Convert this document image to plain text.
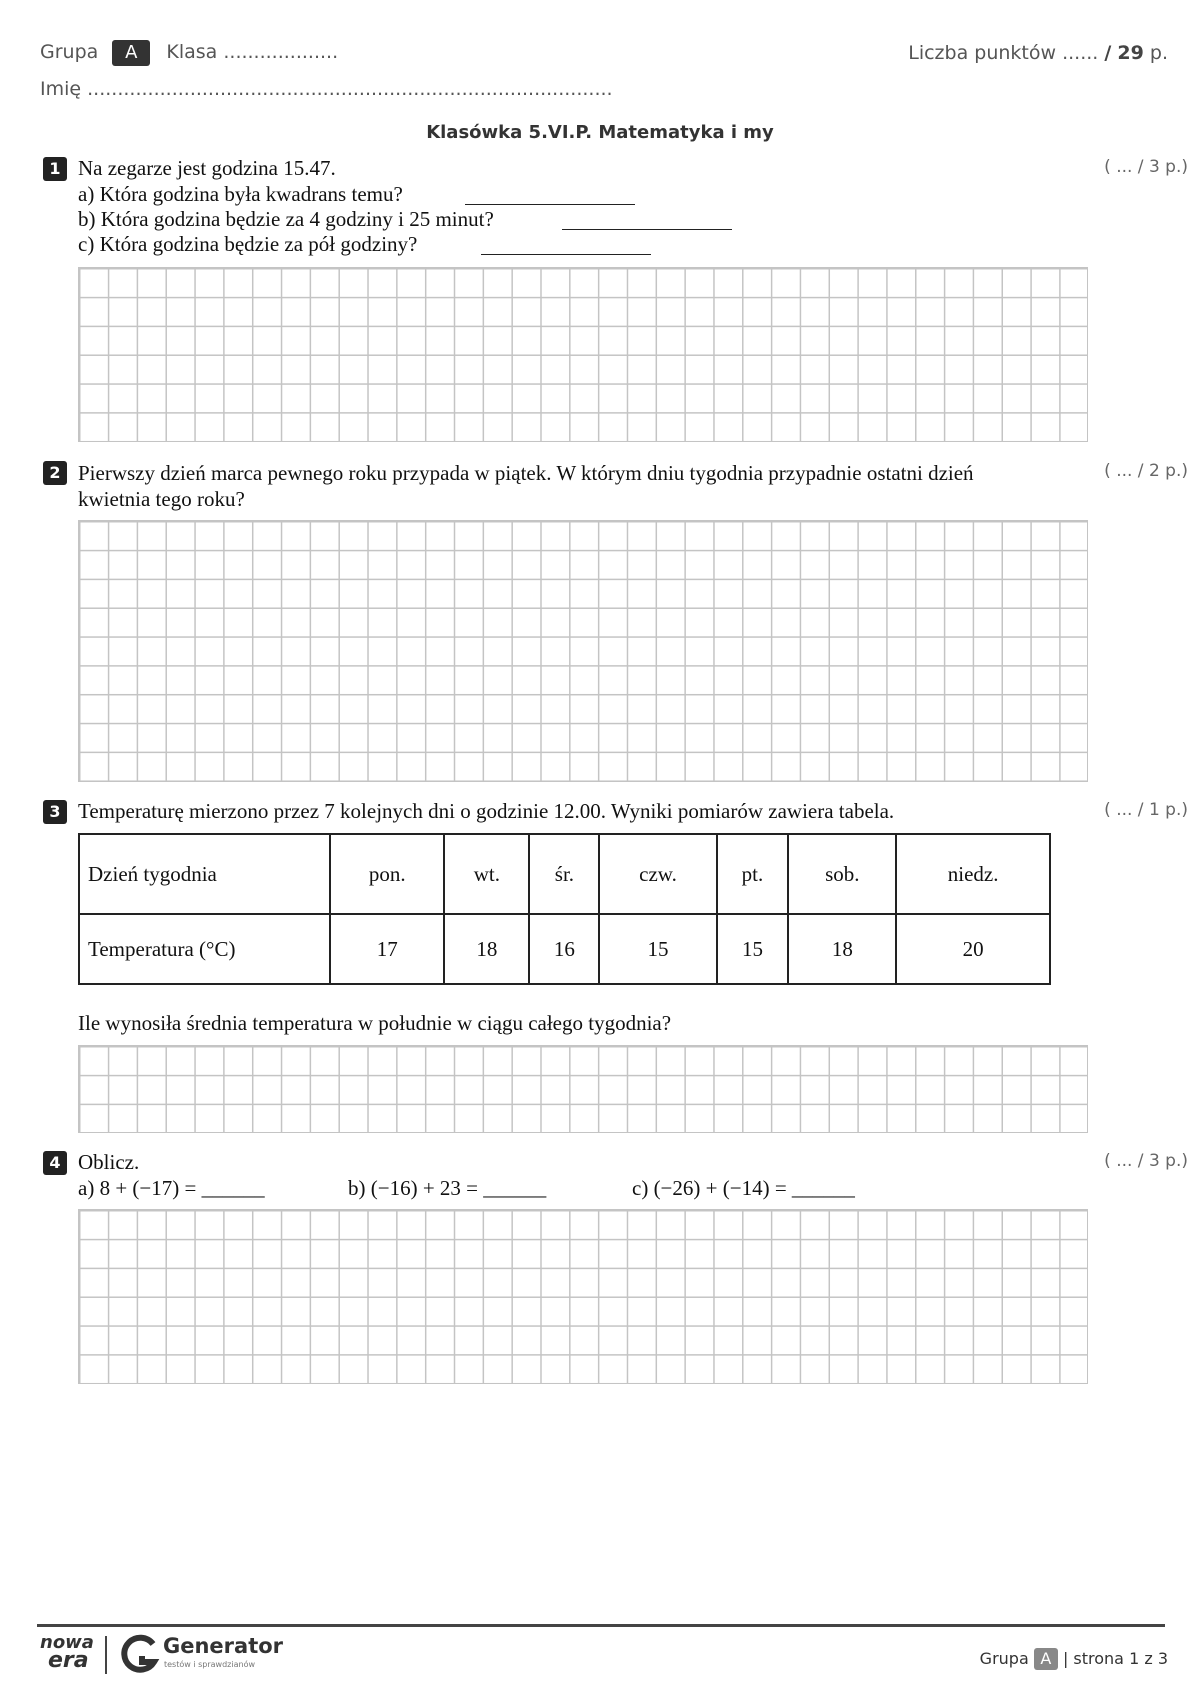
Grupa A Klasa ...................	Liczba punktów ...... / 29 p.
Imię .......................................................................................
Klasówka 5.VI.P. Matematyka i my
1	( ... / 3 p.)
Na zegarze jest godzina 15.47.
a) Która godzina była kwadrans temu?
b) Która godzina będzie za 4 godziny i 25 minut?
c) Która godzina będzie za pół godziny?
2	( ... / 2 p.)
Pierwszy dzień marca pewnego roku przypada w piątek. W którym dniu tygodnia przypadnie ostatni dzień
kwietnia tego roku?
3	( ... / 1 p.)
Temperaturę mierzono przez 7 kolejnych dni o godzinie 12.00. Wyniki pomiarów zawiera tabela.
Dzień tygodnia	pon.	wt.	śr.	czw.	pt.	sob.	niedz.
Temperatura (°C)	17	18	16	15	15	18	20
Ile wynosiła średnia temperatura w południe w ciągu całego tygodnia?
4	( ... / 3 p.)
Oblicz.
a) 8 + (−17) = ______	b) (−16) + 23 = ______	c) (−26) + (−14) = ______
nowa
era
Generator
testów i sprawdzianów	Grupa A | strona 1 z 3
